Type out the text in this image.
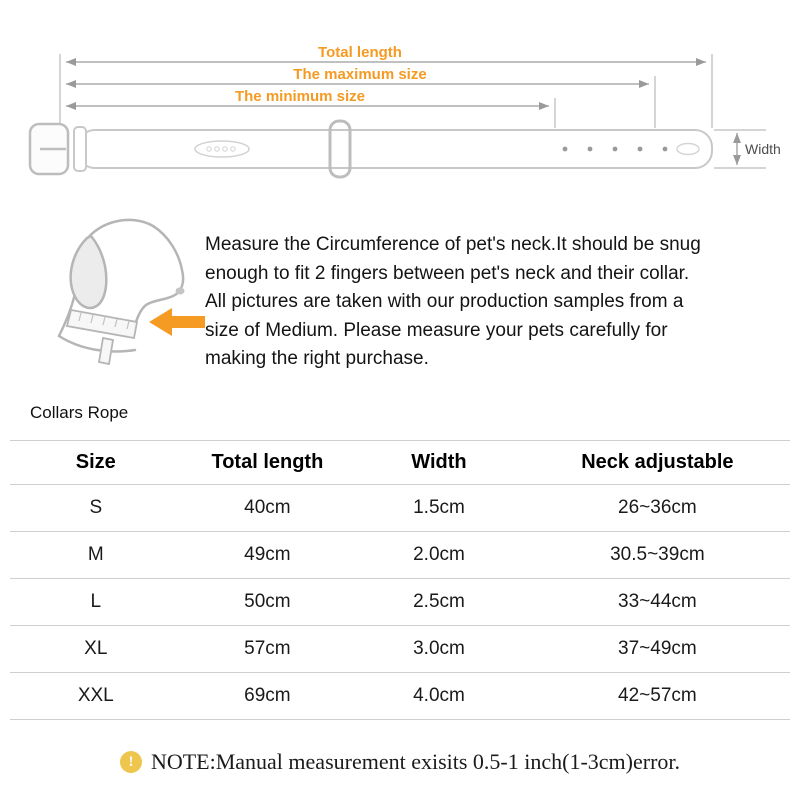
Total length
The maximum size
The minimum size
Width
Measure the Circumference of pet's neck.It should be snug
enough to fit 2 fingers between pet's neck and their collar.
All pictures are taken with our production samples from a
size of Medium. Please measure your pets carefully for
making the right purchase.
Collars Rope
Size	Total length	Width	Neck adjustable
S	40cm	1.5cm	26~36cm
M	49cm	2.0cm	30.5~39cm
L	50cm	2.5cm	33~44cm
XL	57cm	3.0cm	37~49cm
XXL	69cm	4.0cm	42~57cm
! NOTE:Manual measurement exisits 0.5-1 inch(1-3cm)error.
